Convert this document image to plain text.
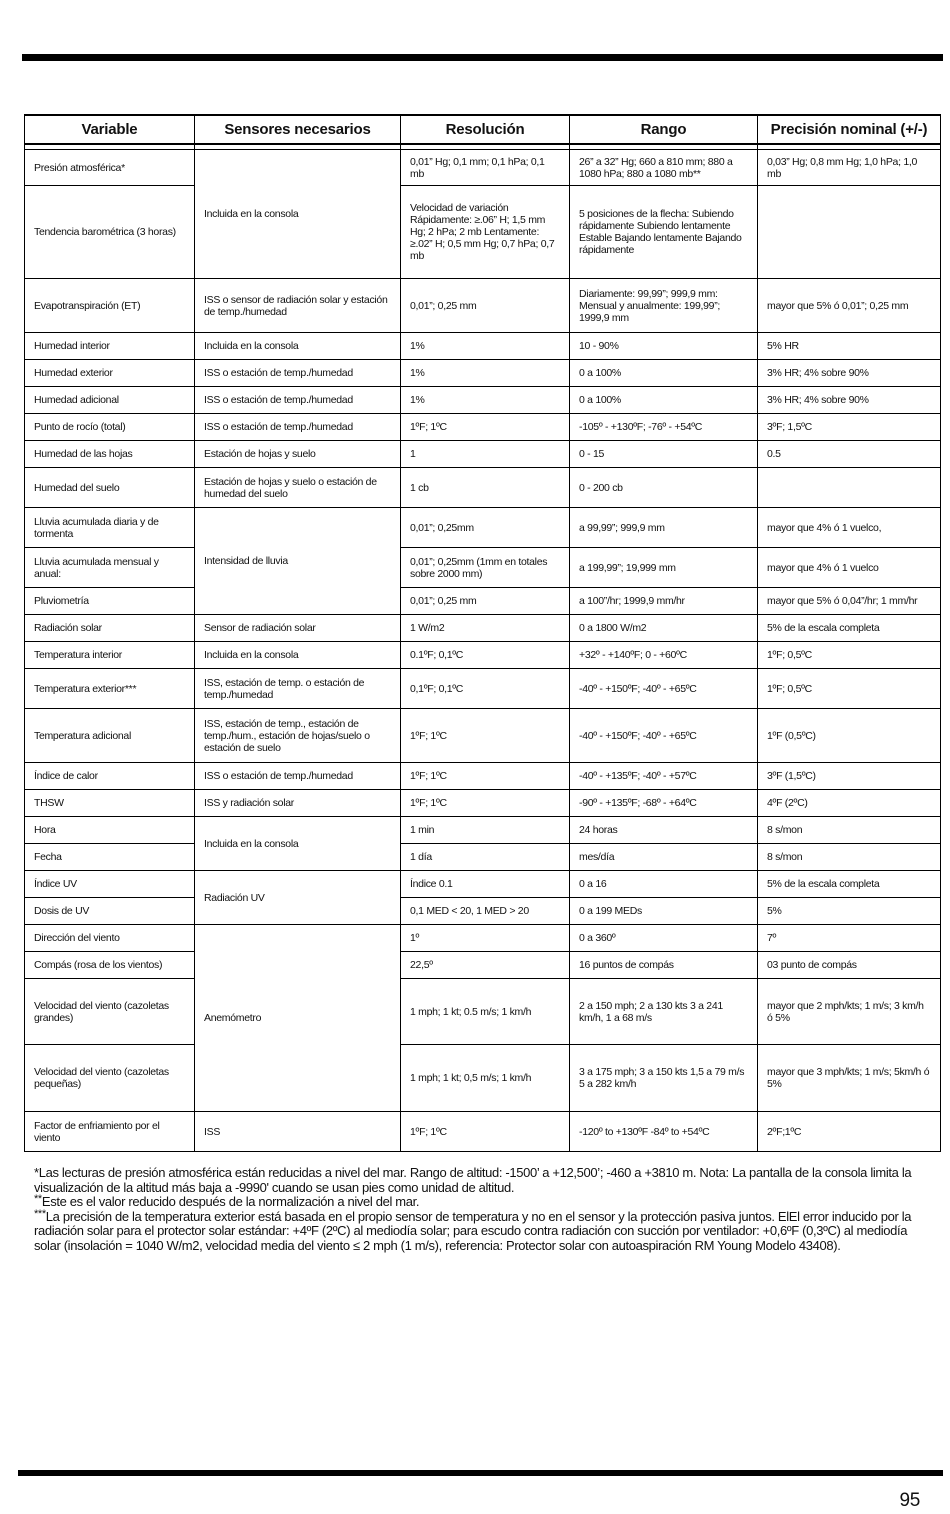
Variable	Sensores necesarios	Resolución	Rango	Precisión nominal (+/-)

Presión atmosférica*	Incluida en la consola	0,01” Hg; 0,1 mm; 0,1 hPa; 0,1 mb	26” a 32” Hg; 660 a 810 mm; 880 a 1080 hPa; 880 a 1080 mb**	0,03” Hg; 0,8 mm Hg; 1,0 hPa; 1,0 mb
Tendencia barométrica (3 horas)		Velocidad de variación Rápidamente: ≥.06” H; 1,5 mm Hg; 2 hPa; 2 mb Lentamente: ≥.02” H; 0,5 mm Hg; 0,7 hPa; 0,7 mb	5 posiciones de la flecha: Subiendo rápidamente Subiendo lentamente Estable Bajando lentamente Bajando rápidamente	
Evapotranspiración (ET)	ISS o sensor de radiación solar y estación de temp./humedad	0,01”; 0,25 mm	Diariamente: 99,99”; 999,9 mm: Mensual y anualmente: 199,99”; 1999,9 mm	mayor que 5% ó 0,01”; 0,25 mm
Humedad interior	Incluida en la consola	1%	10 - 90%	5% HR
Humedad exterior	ISS o estación de temp./humedad	1%	0 a 100%	3% HR; 4% sobre 90%
Humedad adicional	ISS o estación de temp./humedad	1%	0 a 100%	3% HR; 4% sobre 90%
Punto de rocío (total)	ISS o estación de temp./humedad	1ºF; 1ºC	-105º - +130ºF; -76º - +54ºC	3ºF; 1,5ºC
Humedad de las hojas	Estación de hojas y suelo	1	0 - 15	0.5
Humedad del suelo	Estación de hojas y suelo o estación de humedad del suelo	1 cb	0 - 200 cb	
Lluvia acumulada diaria y de tormenta	Intensidad de lluvia	0,01”; 0,25mm	a 99,99”; 999,9 mm	mayor que 4% ó 1 vuelco,
Lluvia acumulada mensual y anual:		0,01”; 0,25mm (1mm en totales sobre 2000 mm)	a 199,99”; 19,999 mm	mayor que 4% ó 1 vuelco
Pluviometría		0,01”; 0,25 mm	a 100”/hr; 1999,9 mm/hr	mayor que 5% ó 0,04”/hr; 1 mm/hr
Radiación solar	Sensor de radiación solar	1 W/m2	0 a 1800 W/m2	5% de la escala completa
Temperatura interior	Incluida en la consola	0.1ºF; 0,1ºC	+32º - +140ºF; 0 - +60ºC	1ºF; 0,5ºC
Temperatura exterior***	ISS, estación de temp. o estación de temp./humedad	0,1ºF; 0,1ºC	-40º - +150ºF; -40º - +65ºC	1ºF; 0,5ºC
Temperatura adicional	ISS, estación de temp., estación de temp./hum., estación de hojas/suelo o estación de suelo	1ºF; 1ºC	-40º - +150ºF; -40º - +65ºC	1ºF (0,5ºC)
Índice de calor	ISS o estación de temp./humedad	1ºF; 1ºC	-40º - +135ºF; -40º - +57ºC	3ºF (1,5ºC)
THSW	ISS y radiación solar	1ºF; 1ºC	-90º - +135ºF; -68º - +64ºC	4ºF (2ºC)
Hora	Incluida en la consola	1 min	24 horas	8 s/mon
Fecha		1 día	mes/día	8 s/mon
Índice UV	Radiación UV	Índice 0.1	0 a 16	5% de la escala completa
Dosis de UV		0,1 MED < 20, 1 MED > 20	0 a 199 MEDs	5%
Dirección del viento	Anemómetro	1º	0 a 360º	7º
Compás (rosa de los vientos)		22,5º	16 puntos de compás	03 punto de compás
Velocidad del viento (cazoletas grandes)		1 mph; 1 kt; 0.5 m/s; 1 km/h	2 a 150 mph; 2 a 130 kts 3 a 241 km/h, 1 a 68 m/s	mayor que 2 mph/kts; 1 m/s; 3 km/h ó 5%
Velocidad del viento (cazoletas pequeñas)		1 mph; 1 kt; 0,5 m/s; 1 km/h	3 a 175 mph; 3 a 150 kts 1,5 a 79 m/s 5 a 282 km/h	mayor que 3 mph/kts; 1 m/s; 5km/h ó 5%
Factor de enfriamiento por el viento	ISS	1ºF; 1ºC	-120º to +130ºF -84º to +54ºC	2ºF;1ºC

*Las lecturas de presión atmosférica están reducidas a nivel del mar. Rango de altitud: -1500’ a +12,500’; -460 a +3810 m. Nota: La pantalla de la consola limita la visualización de la altitud más baja a -9990' cuando se usan pies como unidad de altitud.

**Este es el valor reducido después de la normalización a nivel del mar.

***La precisión de la temperatura exterior está basada en el propio sensor de temperatura y no en el sensor y la protección pasiva juntos. ElEl error inducido por la radiación solar para el protector solar estándar: +4ºF (2ºC) al mediodía solar; para escudo contra radiación con succión por ventilador: +0,6ºF (0,3ºC) al mediodía solar (insolación = 1040 W/m2, velocidad media del viento ≤ 2 mph (1 m/s), referencia: Protector solar con autoaspiración RM Young Modelo 43408).

95
